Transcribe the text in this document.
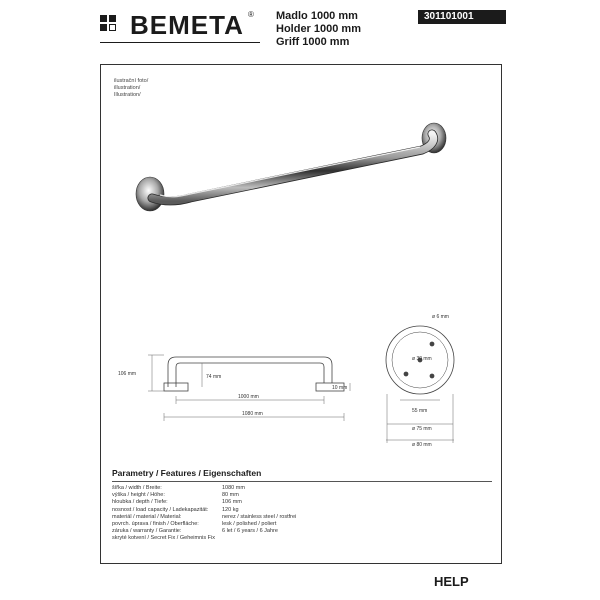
BEMETA ® Madlo 1000 mm
Holder 1000 mm
Griff 1000 mm
301101001
ilustrační foto/
illustration/
Illustration/
106 mm	74 mm
10 mm
1000 mm
1080 mm
ø 6 mm
ø 30 mm
55 mm
ø 75 mm
ø 80 mm
Parametry / Features / Eigenschaften
šířka / width / Breite:	1080 mm
výška / height / Höhe:	80 mm
hloubka / depth / Tiefe:	106 mm
nosnost / load capacity / Ladekapazität:	120 kg
materiál / material / Material:	nerez / stainless steel / rostfrei
povrch. úprava / finish / Oberfläche:	lesk / polished / poliert
záruka / warranty / Garantie:	6 let / 6 years / 6 Jahre
skryté kotvení / Secret Fix / Geheimnis Fix
HELP
